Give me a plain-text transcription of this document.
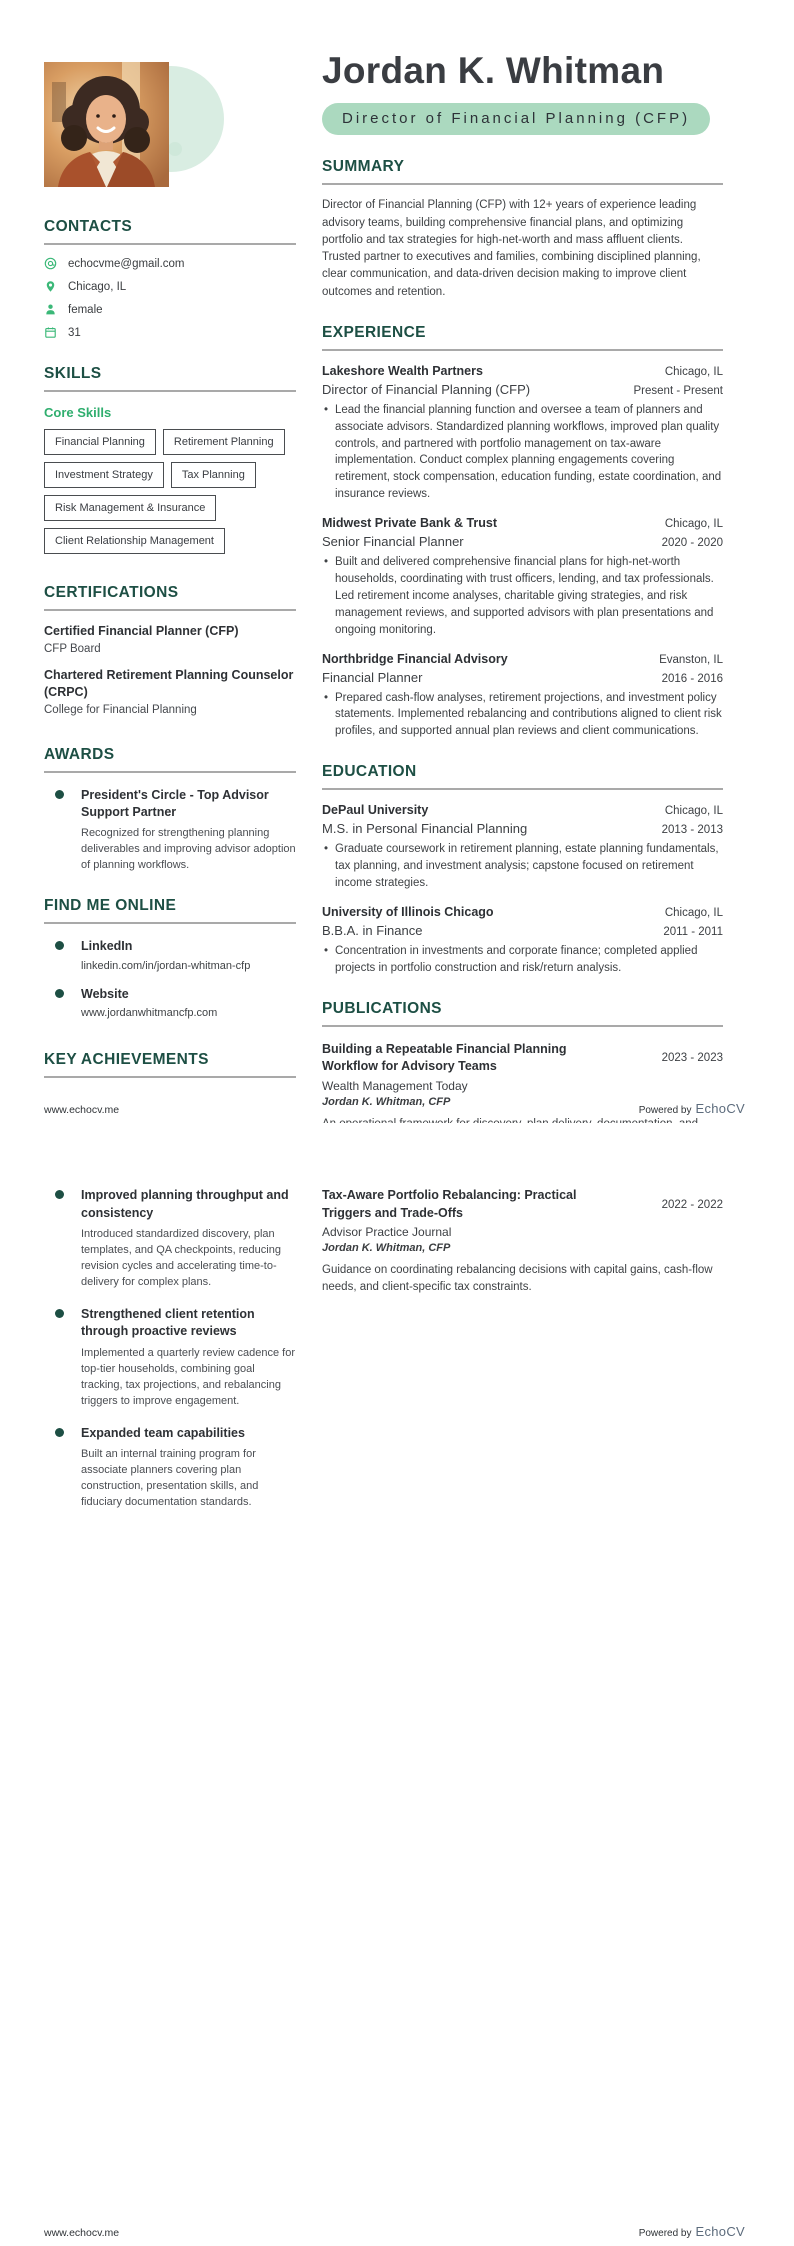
CONTACTS
echocvme@gmail.com
Chicago, IL
female
31
SKILLS
Core Skills
Financial Planning	Retirement Planning
Investment Strategy	Tax Planning
Risk Management & Insurance
Client Relationship Management
CERTIFICATIONS
Certified Financial Planner (CFP)
CFP Board
Chartered Retirement Planning Counselor (CRPC)
College for Financial Planning
AWARDS
President's Circle - Top Advisor Support Partner
Recognized for strengthening planning deliverables and improving advisor adoption of planning workflows.
FIND ME ONLINE
LinkedIn
linkedin.com/in/jordan-whitman-cfp
Website
www.jordanwhitmancfp.com
KEY ACHIEVEMENTS
Jordan K. Whitman
Director of Financial Planning (CFP)
SUMMARY

Director of Financial Planning (CFP) with 12+ years of experience leading advisory teams, building comprehensive financial plans, and optimizing portfolio and tax strategies for high-net-worth and mass affluent clients. Trusted partner to executives and families, combining disciplined planning, clear communication, and data-driven decision making to improve client outcomes and retention.

EXPERIENCE
Lakeshore Wealth Partners	Chicago, IL
Director of Financial Planning (CFP)	Present - Present
• Lead the financial planning function and oversee a team of planners and associate advisors. Standardized planning workflows, improved plan quality controls, and partnered with portfolio management on tax-aware implementation. Conduct complex planning engagements covering retirement, stock compensation, education funding, estate coordination, and insurance reviews.
Midwest Private Bank & Trust	Chicago, IL
Senior Financial Planner	2020 - 2020
• Built and delivered comprehensive financial plans for high-net-worth households, coordinating with trust officers, lending, and tax professionals. Led retirement income analyses, charitable giving strategies, and risk management reviews, and supported advisors with plan presentations and ongoing monitoring.
Northbridge Financial Advisory	Evanston, IL
Financial Planner	2016 - 2016
• Prepared cash-flow analyses, retirement projections, and investment policy statements. Implemented rebalancing and contributions aligned to client risk profiles, and supported annual plan reviews and client communications.
EDUCATION
DePaul University	Chicago, IL
M.S. in Personal Financial Planning	2013 - 2013
• Graduate coursework in retirement planning, estate planning fundamentals, tax planning, and investment analysis; capstone focused on retirement income strategies.
University of Illinois Chicago	Chicago, IL
B.B.A. in Finance	2011 - 2011
• Concentration in investments and corporate finance; completed applied projects in portfolio construction and risk/return analysis.
PUBLICATIONS
Building a Repeatable Financial Planning Workflow for Advisory Teams
2023 - 2023
Wealth Management Today
Jordan K. Whitman, CFP
www.echocv.me	Powered by EchoCV
Improved planning throughput and consistency
Introduced standardized discovery, plan templates, and QA checkpoints, reducing revision cycles and accelerating time-to-delivery for complex plans.
Strengthened client retention through proactive reviews
Implemented a quarterly review cadence for top-tier households, combining goal tracking, tax projections, and rebalancing triggers to improve engagement.
Expanded team capabilities
Built an internal training program for associate planners covering plan construction, presentation skills, and fiduciary documentation standards.
Tax-Aware Portfolio Rebalancing: Practical Triggers and Trade-Offs
2022 - 2022
Advisor Practice Journal
Jordan K. Whitman, CFP
Guidance on coordinating rebalancing decisions with capital gains, cash-flow needs, and client-specific tax constraints.
www.echocv.me	Powered by EchoCV
